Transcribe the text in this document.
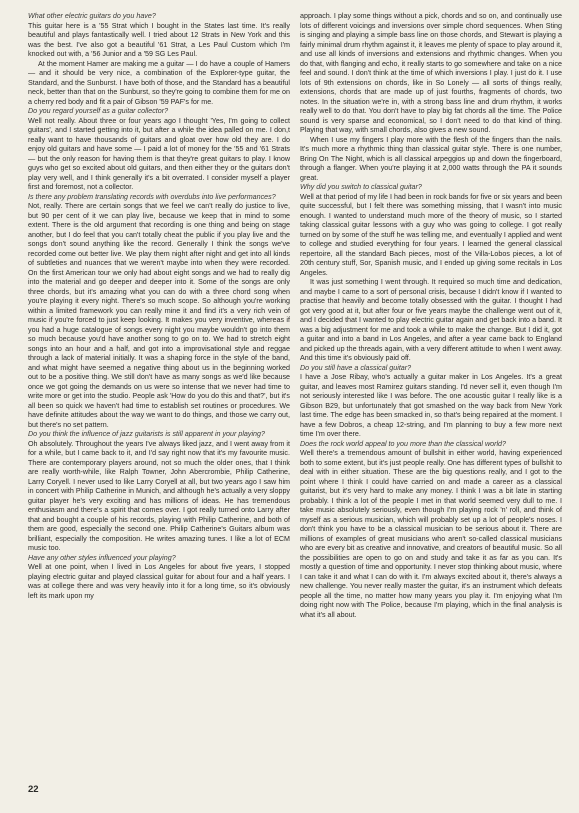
What other electric guitars do you have?

This guitar here is a '55 Strat which I bought in the States last time. It's really beautiful and plays fantastically well. I tried about 12 Strats in New York and this was the best. I've also got a beautiful '61 Strat, a Les Paul Custom which I'm knocked out with, a '56 Junior and a '59 SG Les Paul.

At the moment Hamer are making me a guitar — I do have a couple of Hamers — and it should be very nice, a combination of the Explorer-type guitar, the Standard, and the Sunburst. I have both of those, and the Standard has a beautiful neck, better than that on the Sunburst, so they're going to combine them for me on a cherry red body and fit a pair of Gibson '59 PAF's for me.

Do you regard yourself as a guitar collector?

Well not really. About three or four years ago I thought 'Yes, I'm going to collect guitars', and I started getting into it, but after a while the idea palled on me. I don,t really want to have thousands of guitars and gloat over how old they are. I do enjoy old guitars and have some — I paid a lot of money for the '55 and '61 Strats — but the only reason for having them is that they're great guitars to play. I know guys who get so excited about old guitars, and then either they or the guitars don't play very well, and I think generally it's a bit overrated. I consider myself a player first and foremost, not a collector.

Is there any problem translating records with overdubs into live performances?

Not, really. There are certain songs that we feel we can't really do justice to live, but 90 per cent of it we can play live, because we keep that in mind to some extent. There is the old argument that recording is one thing and being on stage another, but I do feel that you can't totally cheat the public if you play live and the songs don't sound anything like the record. Generally I think the songs we've recorded come out better live. We play them night after night and get into all kinds of subtleties and nuances that we weren't maybe into when they were recorded. On the first American tour we only had about eight songs and we had to really dig into the material and go deeper and deeper into it. Some of the songs are only three chords, but it's amazing what you can do with a three chord song when you're playing it every night. There's so much scope. So although you're working within a limited framework you can really mine it and find it's a very rich vein of music if you're forced to just keep looking. It makes you very inventive, whereas if you had a huge catalogue of songs every night you maybe wouldn't go into them so much because you'd have another song to go on to. We had to stretch eight songs into an hour and a half, and got into a improvisational style and reggae through a lack of material initially. It was a shaping force in the style of the band, and what might have seemed a negative thing about us in the beginning worked out to be a positive thing. We still don't have as many songs as we'd like because once we got going the demands on us were so intense that we never had time to write more or get into the studio. People ask 'How do you do this and that?', but it's all been so quick we haven't had time to establish set routines or procedures. We have definite attitudes about the way we want to do things, and those we carry out, but there's no set pattern.

Do you think the influence of jazz guitarists is still apparent in your playing?

Oh absolutely. Throughout the years I've always liked jazz, and I went away from it for a while, but I came back to it, and I'd say right now that it's my favourite music. There are contemporary players around, not so much the older ones, that I think are really worth-while, like Ralph Towner, John Abercrombie, Philip Catherine, Larry Coryell. I never used to like Larry Coryell at all, but two years ago I saw him in concert with Philip Catherine in Munich, and although he's actually a very sloppy guitar player he's very exciting and has millions of ideas. He has tremendous enthusiasm and there's a spirit that comes over. I got really turned onto Larry after that and bought a couple of his records, playing with Philip Catherine, and both of them are good, especially the second one. Philip Catherine's Guitars album was brilliant, especially the composition. He writes amazing tunes. I like a lot of ECM music too.

Have any other styles influenced your playing?

Well at one point, when I lived in Los Angeles for about five years, I stopped playing electric guitar and played classical guitar for about four and a half years. I was at college there and was very heavily into it for a long time, so it's obviously left its mark upon my

approach. I play some things without a pick, chords and so on, and continually use lots of different voicings and inversions over simple chord sequences. When Sting is singing and playing a simple bass line on those chords, and Stewart is playing a fairly minimal drum rhythm against it, it leaves me plenty of space to play around it, and use all kinds of inversions and extensions and rhythmic changes. When you do that, with flanging and echo, it really starts to go somewhere and take on a nice feel and sound. I don't think at the time of which inversions I play. I just do it. I use lots of 9th extensions on chords, like in So Lonely — all sorts of things really, extensions, chords that are made up of just fourths, fragments of chords, two notes. In the situation we're in, with a strong bass line and drum rhythm, it works really well to do that. You don't have to play big fat chords all the time. The Police sound is very sparse and economical, so I don't need to do that kind of thing. Playing that way, with small chords, also gives a new sound.

When I use my fingers I play more with the flesh of the fingers than the nails. It's much more a rhythmic thing than classical guitar style. There is one number, Bring On The Night, which is all classical arpeggios up and down the fingerboard, through a flanger. When you're playing it at 2,000 watts through the PA it sounds great.

Why did you switch to classical guitar?

Well at that period of my life I had been in rock bands for five or six years and been quite successful, but I felt there was something missing, that I wasn't into music enough. I wanted to understand much more of the theory of music, so I started taking classical guitar lessons with a guy who was going to college. I got really turned on by some of the stuff he was telling me, and eventually I applied and went to college and studied everything for four years. I learned the general classical repertoire, all the standard Bach pieces, most of the Villa-Lobos pieces, a lot of 20th century stuff, Sor, Spanish music, and I ended up giving some recitals in Los Angeles.

It was just something I went through. It required so much time and dedication, and maybe I came to a sort of personal crisis, because I didn't know if I wanted to practise that heavily and become totally obsessed with the guitar. I thought I had got very good at it, but after four or five years maybe the challenge went out of it, and I decided that I wanted to play electric guitar again and get back into a band. It was a big adjustment for me and took a while to make the change. But I did it, got a guitar and into a band in Los Angeles, and after a year came back to England and picked up the threads again, with a very different attitude to when I went away. And this time it's obviously paid off.

Do you still have a classical guitar?

I have a Jose Ribay, who's actually a guitar maker in Los Angeles. It's a great guitar, and leaves most Ramirez guitars standing. I'd never sell it, even though I'm not seriously interested like I was before. The one acoustic guitar I really like is a Gibson B29, but unfortunately that got smashed on the way back from New York last time. The edge has been smacked in, so that's being repaired at the moment. I have a few Dobros, a cheap 12-string, and I'm planning to buy a few more next time I'm over there.

Does the rock world appeal to you more than the classical world?

Well there's a tremendous amount of bullshit in either world, having experienced both to some extent, but it's just people really. One has different types of bullshit to deal with in either situation. These are the big questions really, and I got to the point where I think I could have carried on and made a career as a classical guitarist, but it's very hard to make any money. I think I was a bit late in starting probably. I think a lot of the people I met in that world seemed very dull to me. I take music absolutely seriously, even though I'm playing rock 'n' roll, and think of myself as a serious musician, which will probably set up a lot of people's noses. I don't think you have to be a classical musician to be serious about it. There are millions of examples of great musicians who aren't so-called classical musicians who are every bit as creative and innovative, and creators of beautiful music. So all the possibilities are open to go on and study and take it as far as you can. It's mostly a question of time and opportunity. I never stop thinking about music, where I can take it and what I can do with it. I'm always excited about it, there's always a new challenge. You never really master the guitar, it's an instrument which defeats people all the time, no matter how many years you play it. I'm enjoying what I'm doing right now with The Police, because I'm playing, which in the final analysis is what it's all about.

22
